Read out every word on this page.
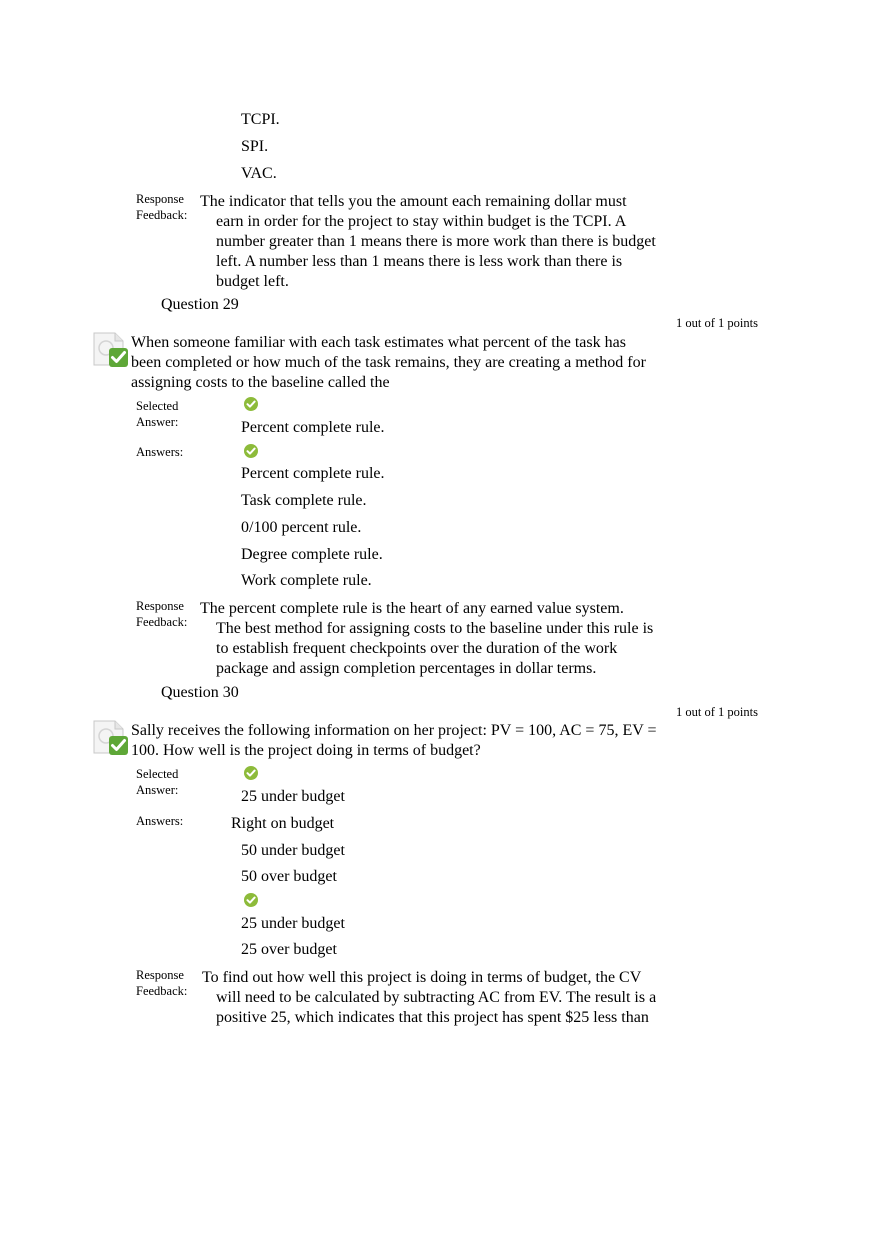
TCPI.
SPI.
VAC.
Response
Feedback:
The indicator that tells you the amount each remaining dollar must
earn in order for the project to stay within budget is the TCPI. A
number greater than 1 means there is more work than there is budget
left. A number less than 1 means there is less work than there is
budget left.
Question 29
1 out of 1 points
When someone familiar with each task estimates what percent of the task has
been completed or how much of the task remains, they are creating a method for
assigning costs to the baseline called the
Selected
Answer:	Percent complete rule.
Answers:
Percent complete rule.
Task complete rule.
0/100 percent rule.
Degree complete rule.
Work complete rule.
Response
Feedback:
The percent complete rule is the heart of any earned value system.
The best method for assigning costs to the baseline under this rule is
to establish frequent checkpoints over the duration of the work
package and assign completion percentages in dollar terms.
Question 30
1 out of 1 points
Sally receives the following information on her project: PV = 100, AC = 75, EV =
100. How well is the project doing in terms of budget?
Selected
Answer:	25 under budget
Answers:	Right on budget
50 under budget
50 over budget
25 under budget
25 over budget
Response
Feedback:
To find out how well this project is doing in terms of budget, the CV
will need to be calculated by subtracting AC from EV. The result is a
positive 25, which indicates that this project has spent $25 less than
